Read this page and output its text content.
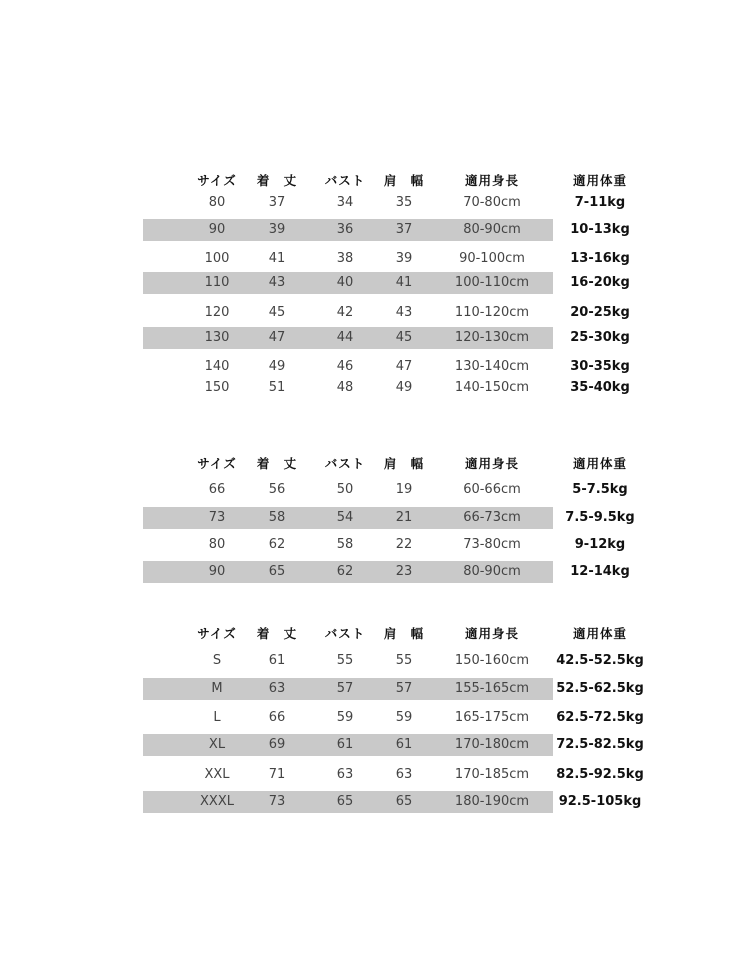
サイズ	着 丈	バスト	肩 幅	適用身長	適用体重
80	37	34	35	70-80cm	7-11kg
90	39	36	37	80-90cm	10-13kg
100	41	38	39	90-100cm	13-16kg
110	43	40	41	100-110cm	16-20kg
120	45	42	43	110-120cm	20-25kg
130	47	44	45	120-130cm	25-30kg
140	49	46	47	130-140cm	30-35kg
150	51	48	49	140-150cm	35-40kg
サイズ	着 丈	バスト	肩 幅	適用身長	適用体重
66	56	50	19	60-66cm	5-7.5kg
73	58	54	21	66-73cm	7.5-9.5kg
80	62	58	22	73-80cm	9-12kg
90	65	62	23	80-90cm	12-14kg
サイズ	着 丈	バスト	肩 幅	適用身長	適用体重
S	61	55	55	150-160cm	42.5-52.5kg
M	63	57	57	155-165cm	52.5-62.5kg
L	66	59	59	165-175cm	62.5-72.5kg
XL	69	61	61	170-180cm	72.5-82.5kg
XXL	71	63	63	170-185cm	82.5-92.5kg
XXXL	73	65	65	180-190cm	92.5-105kg
